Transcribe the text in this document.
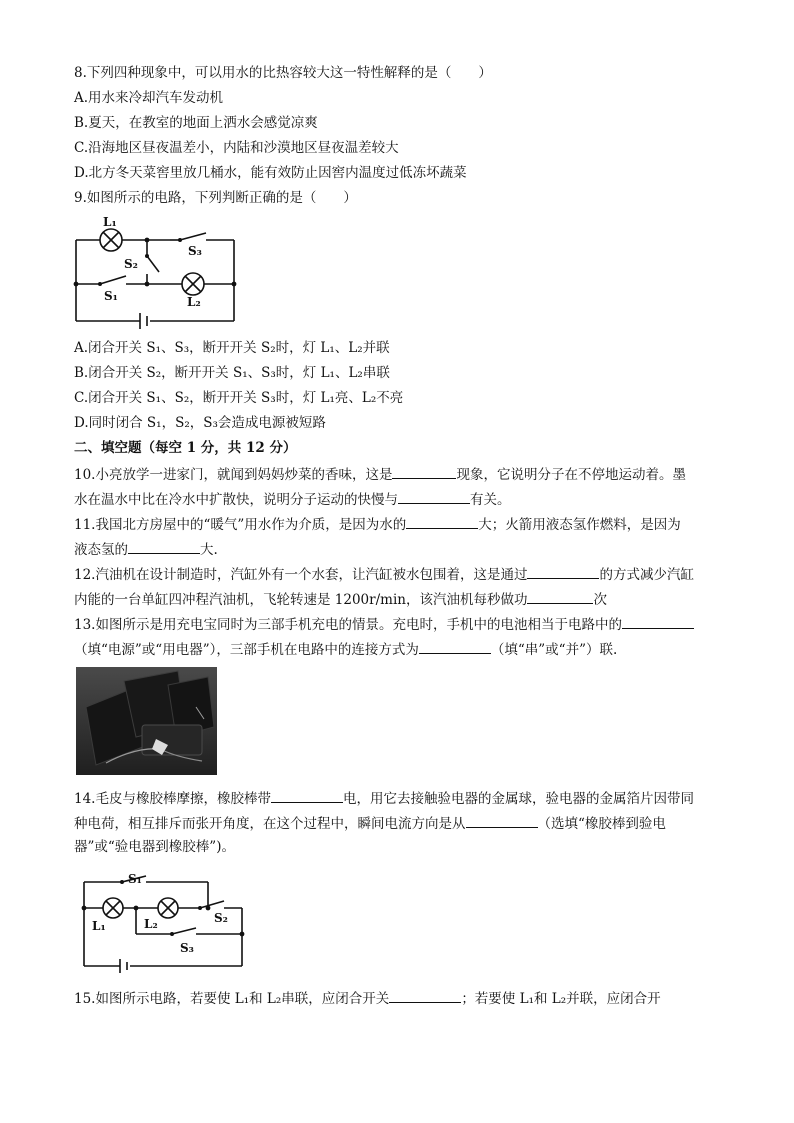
8.下列四种现象中，可以用水的比热容较大这一特性解释的是（　　）
A.用水来冷却汽车发动机
B.夏天，在教室的地面上洒水会感觉凉爽
C.沿海地区昼夜温差小，内陆和沙漠地区昼夜温差较大
D.北方冬天菜窖里放几桶水，能有效防止因窖内温度过低冻坏蔬菜
9.如图所示的电路，下列判断正确的是（　　）
L₁
S₃
S₂
S₁	L₂
A.闭合开关 S₁、S₃，断开开关 S₂时，灯 L₁、L₂并联
B.闭合开关 S₂，断开开关 S₁、S₃时，灯 L₁、L₂串联
C.闭合开关 S₁、S₂，断开开关 S₃时，灯 L₁亮、L₂不亮
D.同时闭合 S₁，S₂，S₃会造成电源被短路
二、填空题（每空 1 分，共 12 分）
10.小亮放学一进家门，就闻到妈妈炒菜的香味，这是	现象，它说明分子在不停地运动着。墨
水在温水中比在冷水中扩散快，说明分子运动的快慢与	有关。
11.我国北方房屋中的“暖气”用水作为介质，是因为水的	大；火箭用液态氢作燃料，是因为
液态氢的	大.
12.汽油机在设计制造时，汽缸外有一个水套，让汽缸被水包围着，这是通过	的方式减少汽缸
内能的一台单缸四冲程汽油机，飞轮转速是 1200r/min，该汽油机每秒做功	次
13.如图所示是用充电宝同时为三部手机充电的情景。充电时，手机中的电池相当于电路中的
（填“电源”或“用电器”），三部手机在电路中的连接方式为	（填“串”或“并”）联.
14.毛皮与橡胶棒摩擦，橡胶棒带	电，用它去接触验电器的金属球，验电器的金属箔片因带同
种电荷，相互排斥而张开角度，在这个过程中，瞬间电流方向是从	（选填“橡胶棒到验电
器”或“验电器到橡胶棒”)。
S₁
L₁	L₂	S₂
S₃
15.如图所示电路，若要使 L₁和 L₂串联，应闭合开关	；若要使 L₁和 L₂并联，应闭合开
